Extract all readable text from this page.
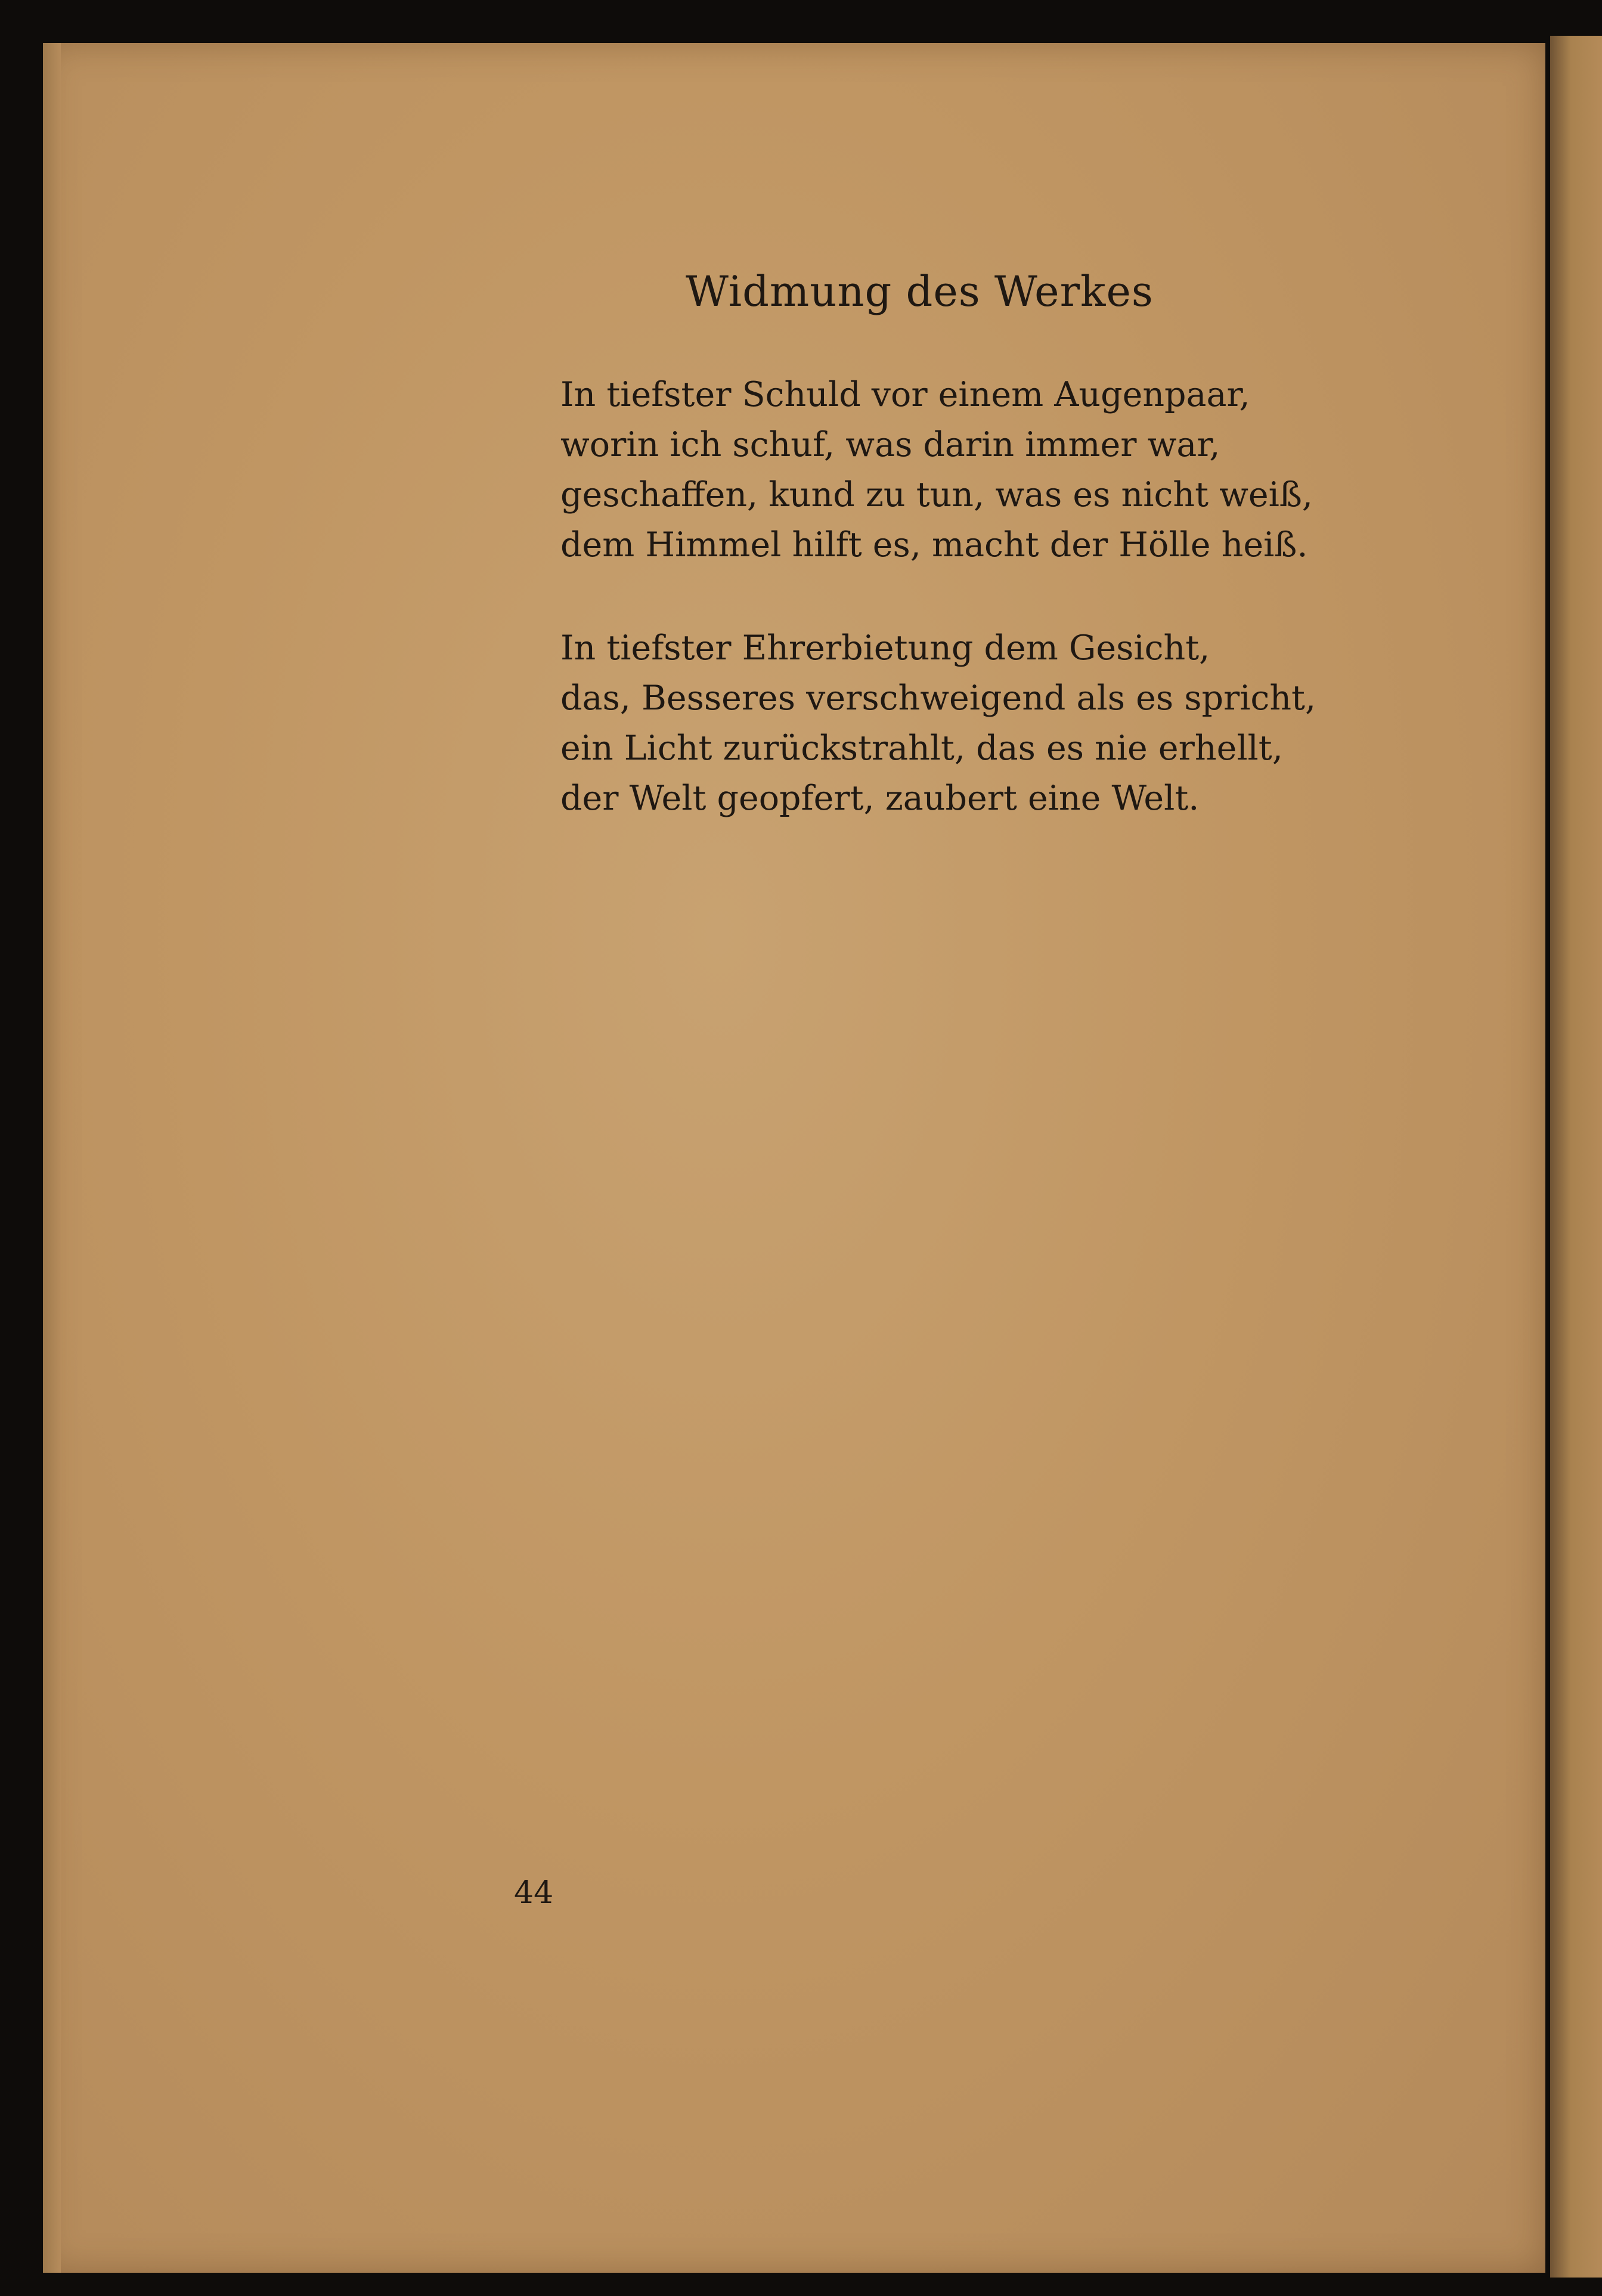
Widmung des Werkes
In tiefster Schuld vor einem Augenpaar,
worin ich schuf, was darin immer war,
geschaffen, kund zu tun, was es nicht weiß,
dem Himmel hilft es, macht der Hölle heiß.
In tiefster Ehrerbietung dem Gesicht,
das, Besseres verschweigend als es spricht,
ein Licht zurückstrahlt, das es nie erhellt,
der Welt geopfert, zaubert eine Welt.
44
